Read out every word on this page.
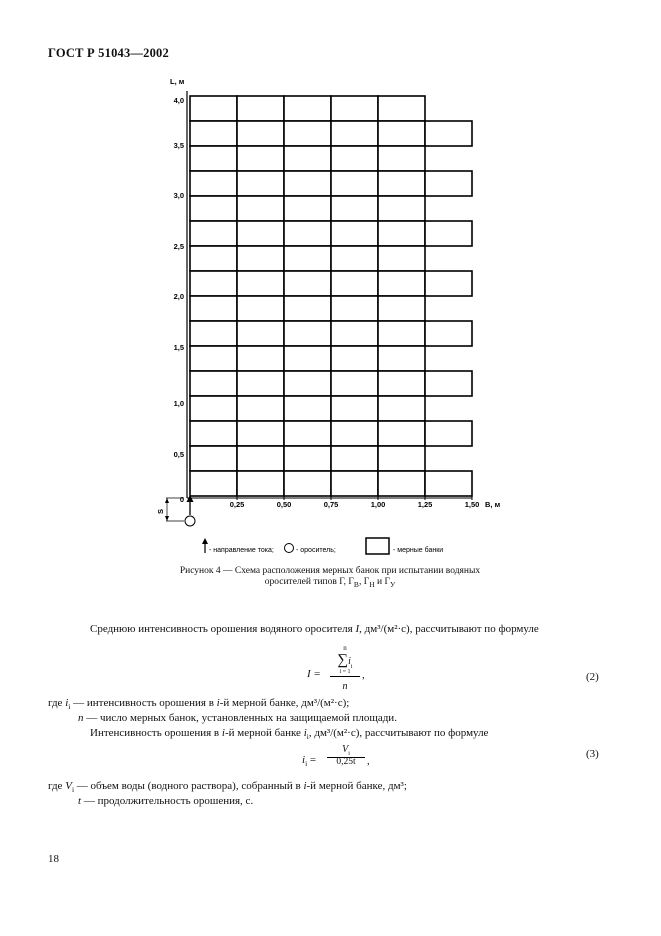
ГОСТ Р 51043—2002
4,0
3,5
3,0
2,5
2,0
1,5
1,0
0,5
0
0,25	0,50	0,75	1,00	1,25	1,50
L, м
B, м
S
- направление тока;	- ороситель;	- мерные банки
Рисунок 4 — Схема расположения мерных банок при испытании водяных
оросителей типов Г, $Г_В$, $Г_Н$ и $Г_У$
Среднюю интенсивность орошения водяного оросителя I, дм³/(м²·с), рассчитывают по формуле
I =
n
$\sum i_i$
i = 1
n
,	(2)
где $i_i$ — интенсивность орошения в i-й мерной банке, дм³/(м²·с);
n — число мерных банок, установленных на защищаемой площади.
Интенсивность орошения в i-й мерной банке $i_i$, дм³/(м²·с), рассчитывают по формуле
$i_i$ =
$V_i$
0,25t	,
(3)
где $V_i$ — объем воды (водного раствора), собранный в i-й мерной банке, дм³;
t — продолжительность орошения, с.
18
